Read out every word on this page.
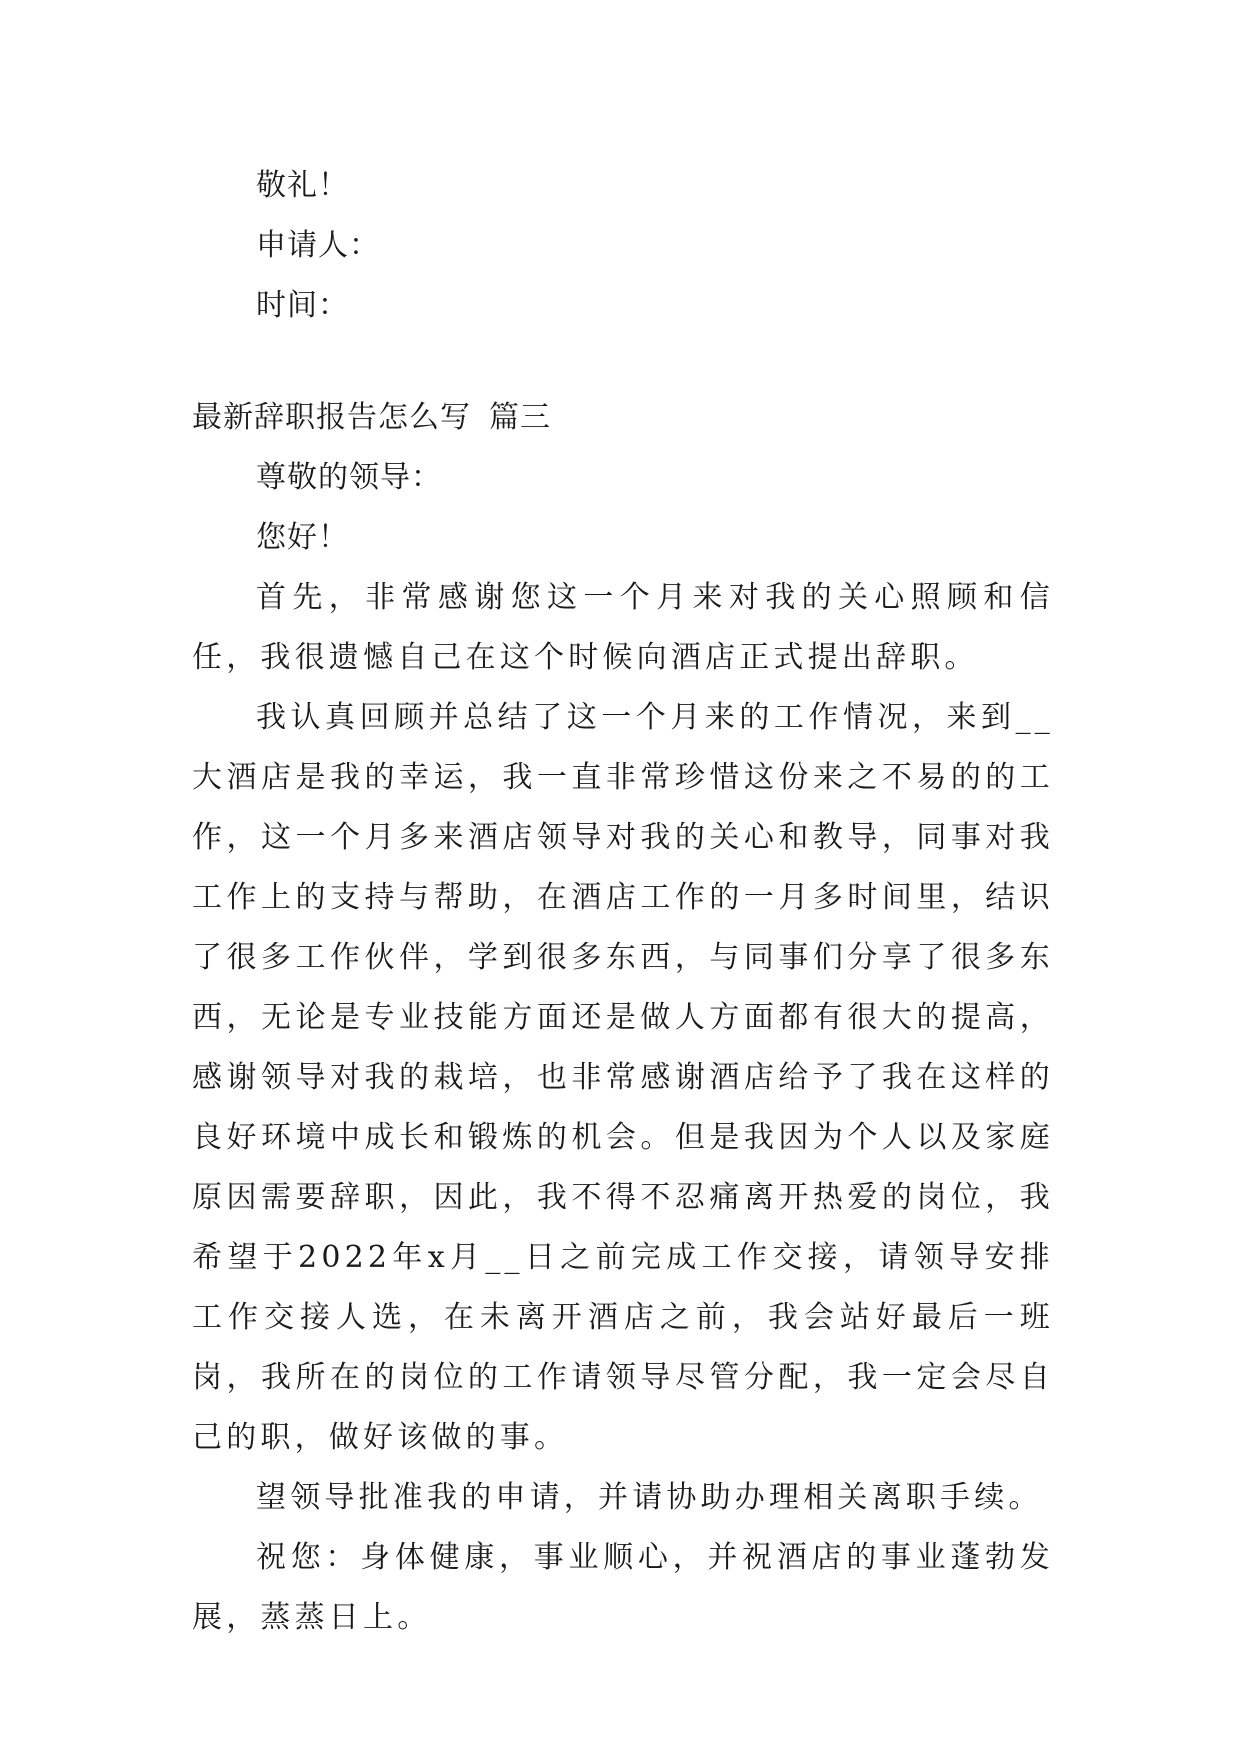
敬礼！
申请人：
时间：
最新辞职报告怎么写 篇三
尊敬的领导：
您好！

首先，非常感谢您这一个月来对我的关心照顾和信任，我很遗憾自己在这个时候向酒店正式提出辞职。

我认真回顾并总结了这一个月来的工作情况，来到__大酒店是我的幸运，我一直非常珍惜这份来之不易的的工作，这一个月多来酒店领导对我的关心和教导，同事对我工作上的支持与帮助，在酒店工作的一月多时间里，结识了很多工作伙伴，学到很多东西，与同事们分享了很多东西，无论是专业技能方面还是做人方面都有很大的提高，感谢领导对我的栽培，也非常感谢酒店给予了我在这样的良好环境中成长和锻炼的机会。但是我因为个人以及家庭原因需要辞职，因此，我不得不忍痛离开热爱的岗位，我希望于2022年x月__日之前完成工作交接，请领导安排工作交接人选，在未离开酒店之前，我会站好最后一班岗，我所在的岗位的工作请领导尽管分配，我一定会尽自己的职，做好该做的事。

望领导批准我的申请，并请协助办理相关离职手续。

祝您：身体健康，事业顺心，并祝酒店的事业蓬勃发展，蒸蒸日上。
